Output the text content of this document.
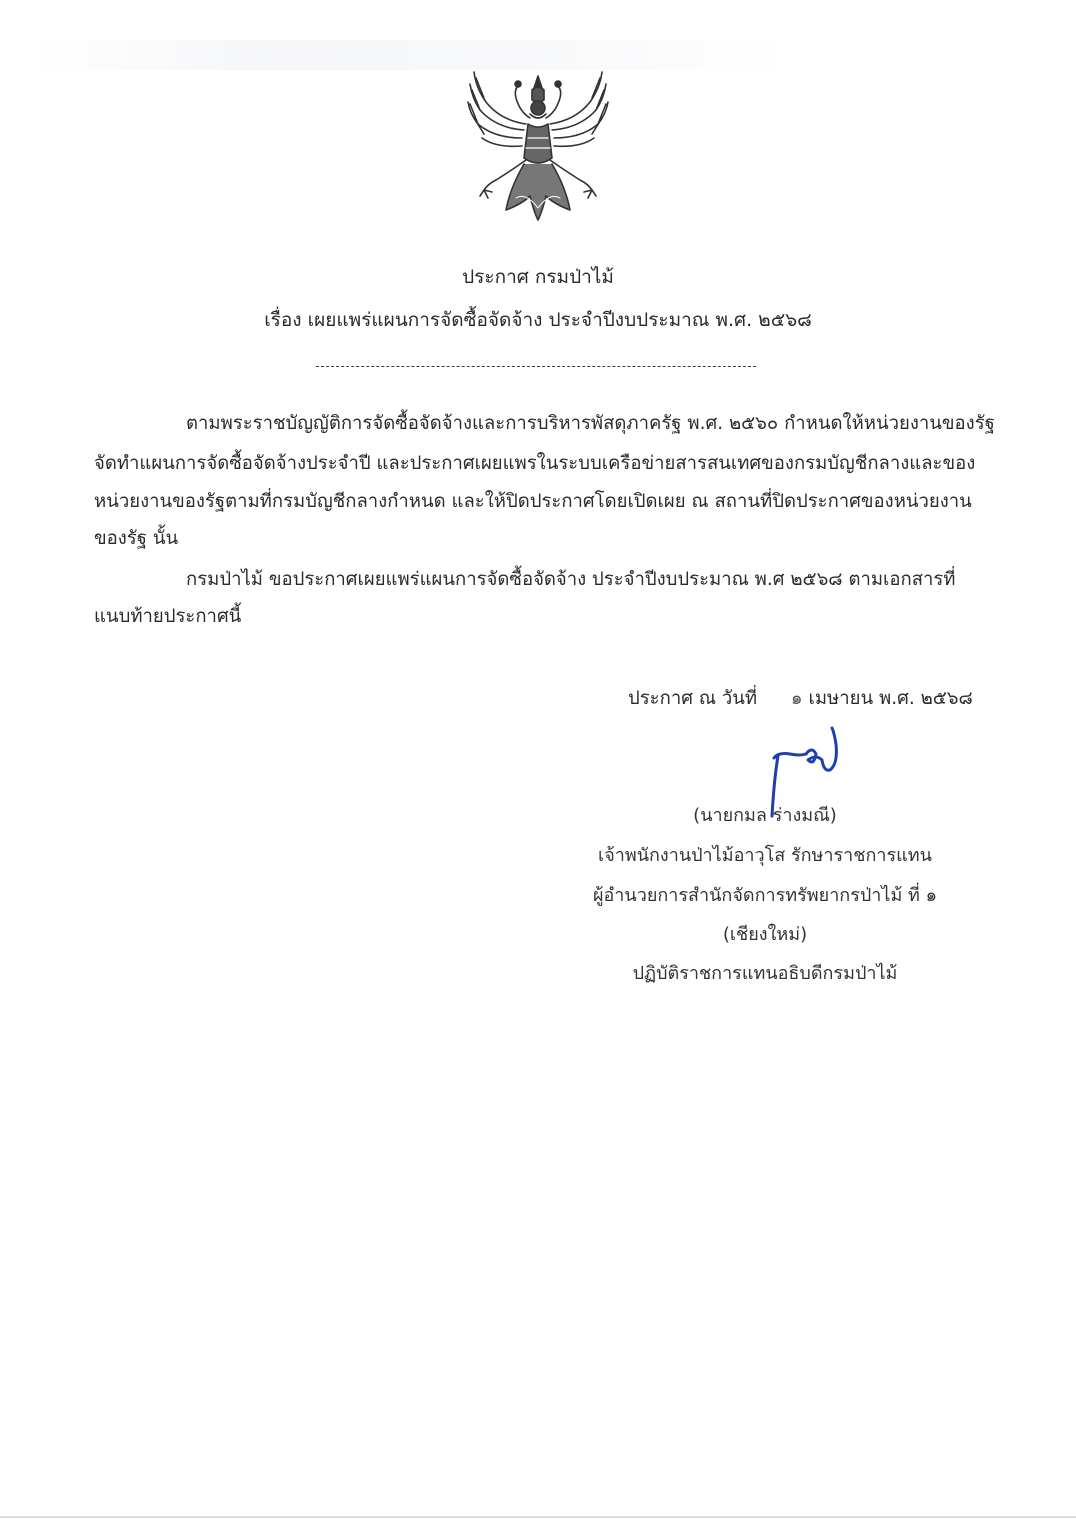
ประกาศ กรมป่าไม้
เรื่อง เผยแพร่แผนการจัดซื้อจัดจ้าง ประจำปีงบประมาณ พ.ศ. ๒๕๖๘
ตามพระราชบัญญัติการจัดซื้อจัดจ้างและการบริหารพัสดุภาครัฐ พ.ศ. ๒๕๖๐ กำหนดให้หน่วยงานของรัฐ
จัดทำแผนการจัดซื้อจัดจ้างประจำปี และประกาศเผยแพรในระบบเครือข่ายสารสนเทศของกรมบัญชีกลางและของ
หน่วยงานของรัฐตามที่กรมบัญชีกลางกำหนด และให้ปิดประกาศโดยเปิดเผย ณ สถานที่ปิดประกาศของหน่วยงาน
ของรัฐ นั้น
กรมป่าไม้ ขอประกาศเผยแพร่แผนการจัดซื้อจัดจ้าง ประจำปีงบประมาณ พ.ศ ๒๕๖๘ ตามเอกสารที่
แนบท้ายประกาศนี้
ประกาศ ณ วันที่ ๑ เมษายน พ.ศ. ๒๕๖๘
(นายกมล ร่างมณี)
เจ้าพนักงานป่าไม้อาวุโส รักษาราชการแทน
ผู้อำนวยการสำนักจัดการทรัพยากรป่าไม้ ที่ ๑
(เชียงใหม่)
ปฏิบัติราชการแทนอธิบดีกรมป่าไม้
